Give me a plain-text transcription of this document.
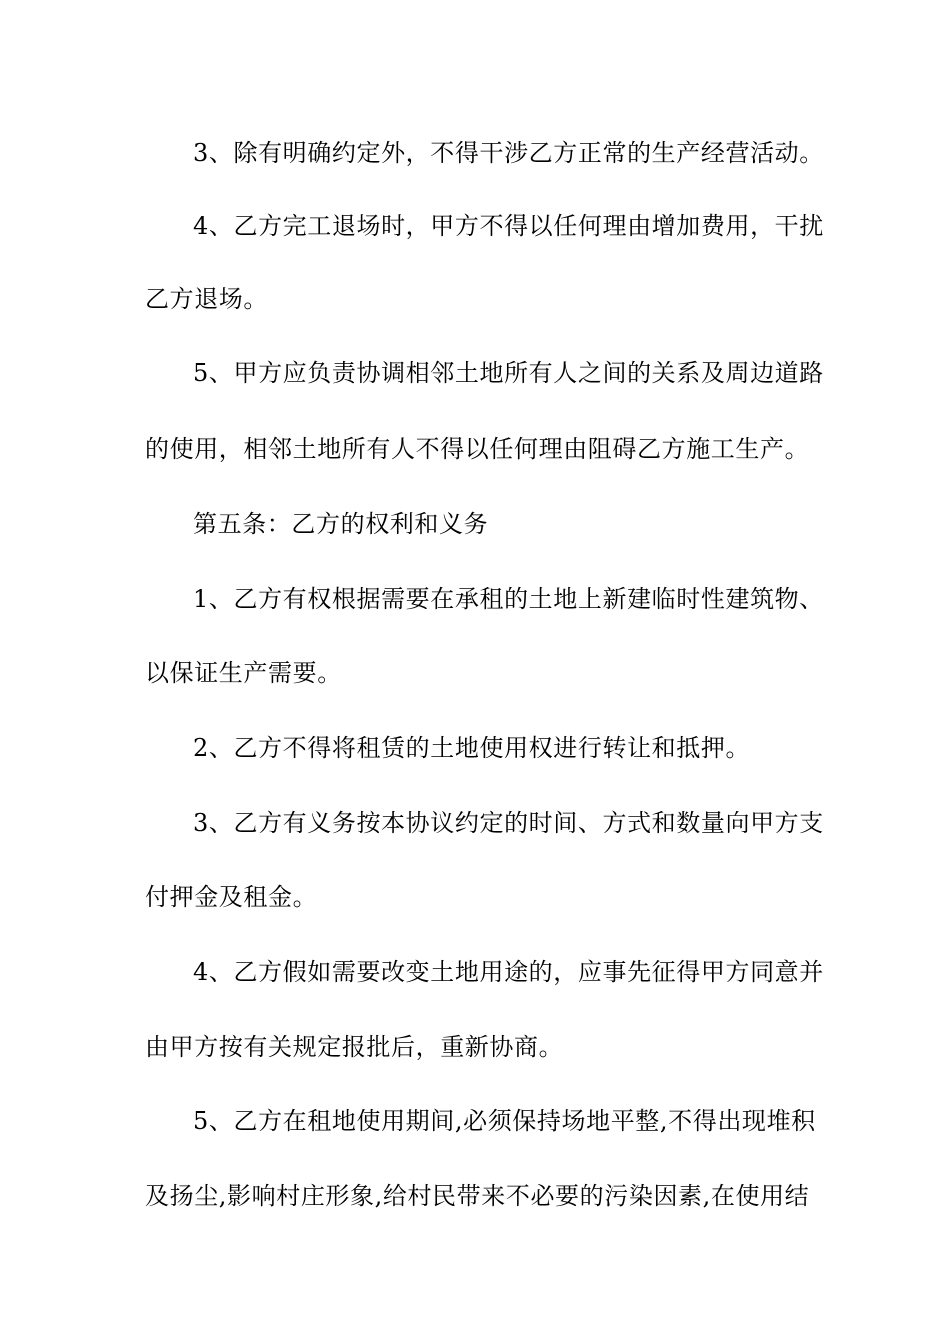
3、除有明确约定外，不得干涉乙方正常的生产经营活动。
4、乙方完工退场时，甲方不得以任何理由增加费用，干扰
乙方退场。
5、甲方应负责协调相邻土地所有人之间的关系及周边道路
的使用，相邻土地所有人不得以任何理由阻碍乙方施工生产。
第五条：乙方的权利和义务
1、乙方有权根据需要在承租的土地上新建临时性建筑物、
以保证生产需要。
2、乙方不得将租赁的土地使用权进行转让和抵押。
3、乙方有义务按本协议约定的时间、方式和数量向甲方支
付押金及租金。
4、乙方假如需要改变土地用途的，应事先征得甲方同意并
由甲方按有关规定报批后，重新协商。
5、乙方在租地使用期间,必须保持场地平整,不得出现堆积
及扬尘,影响村庄形象,给村民带来不必要的污染因素,在使用结
